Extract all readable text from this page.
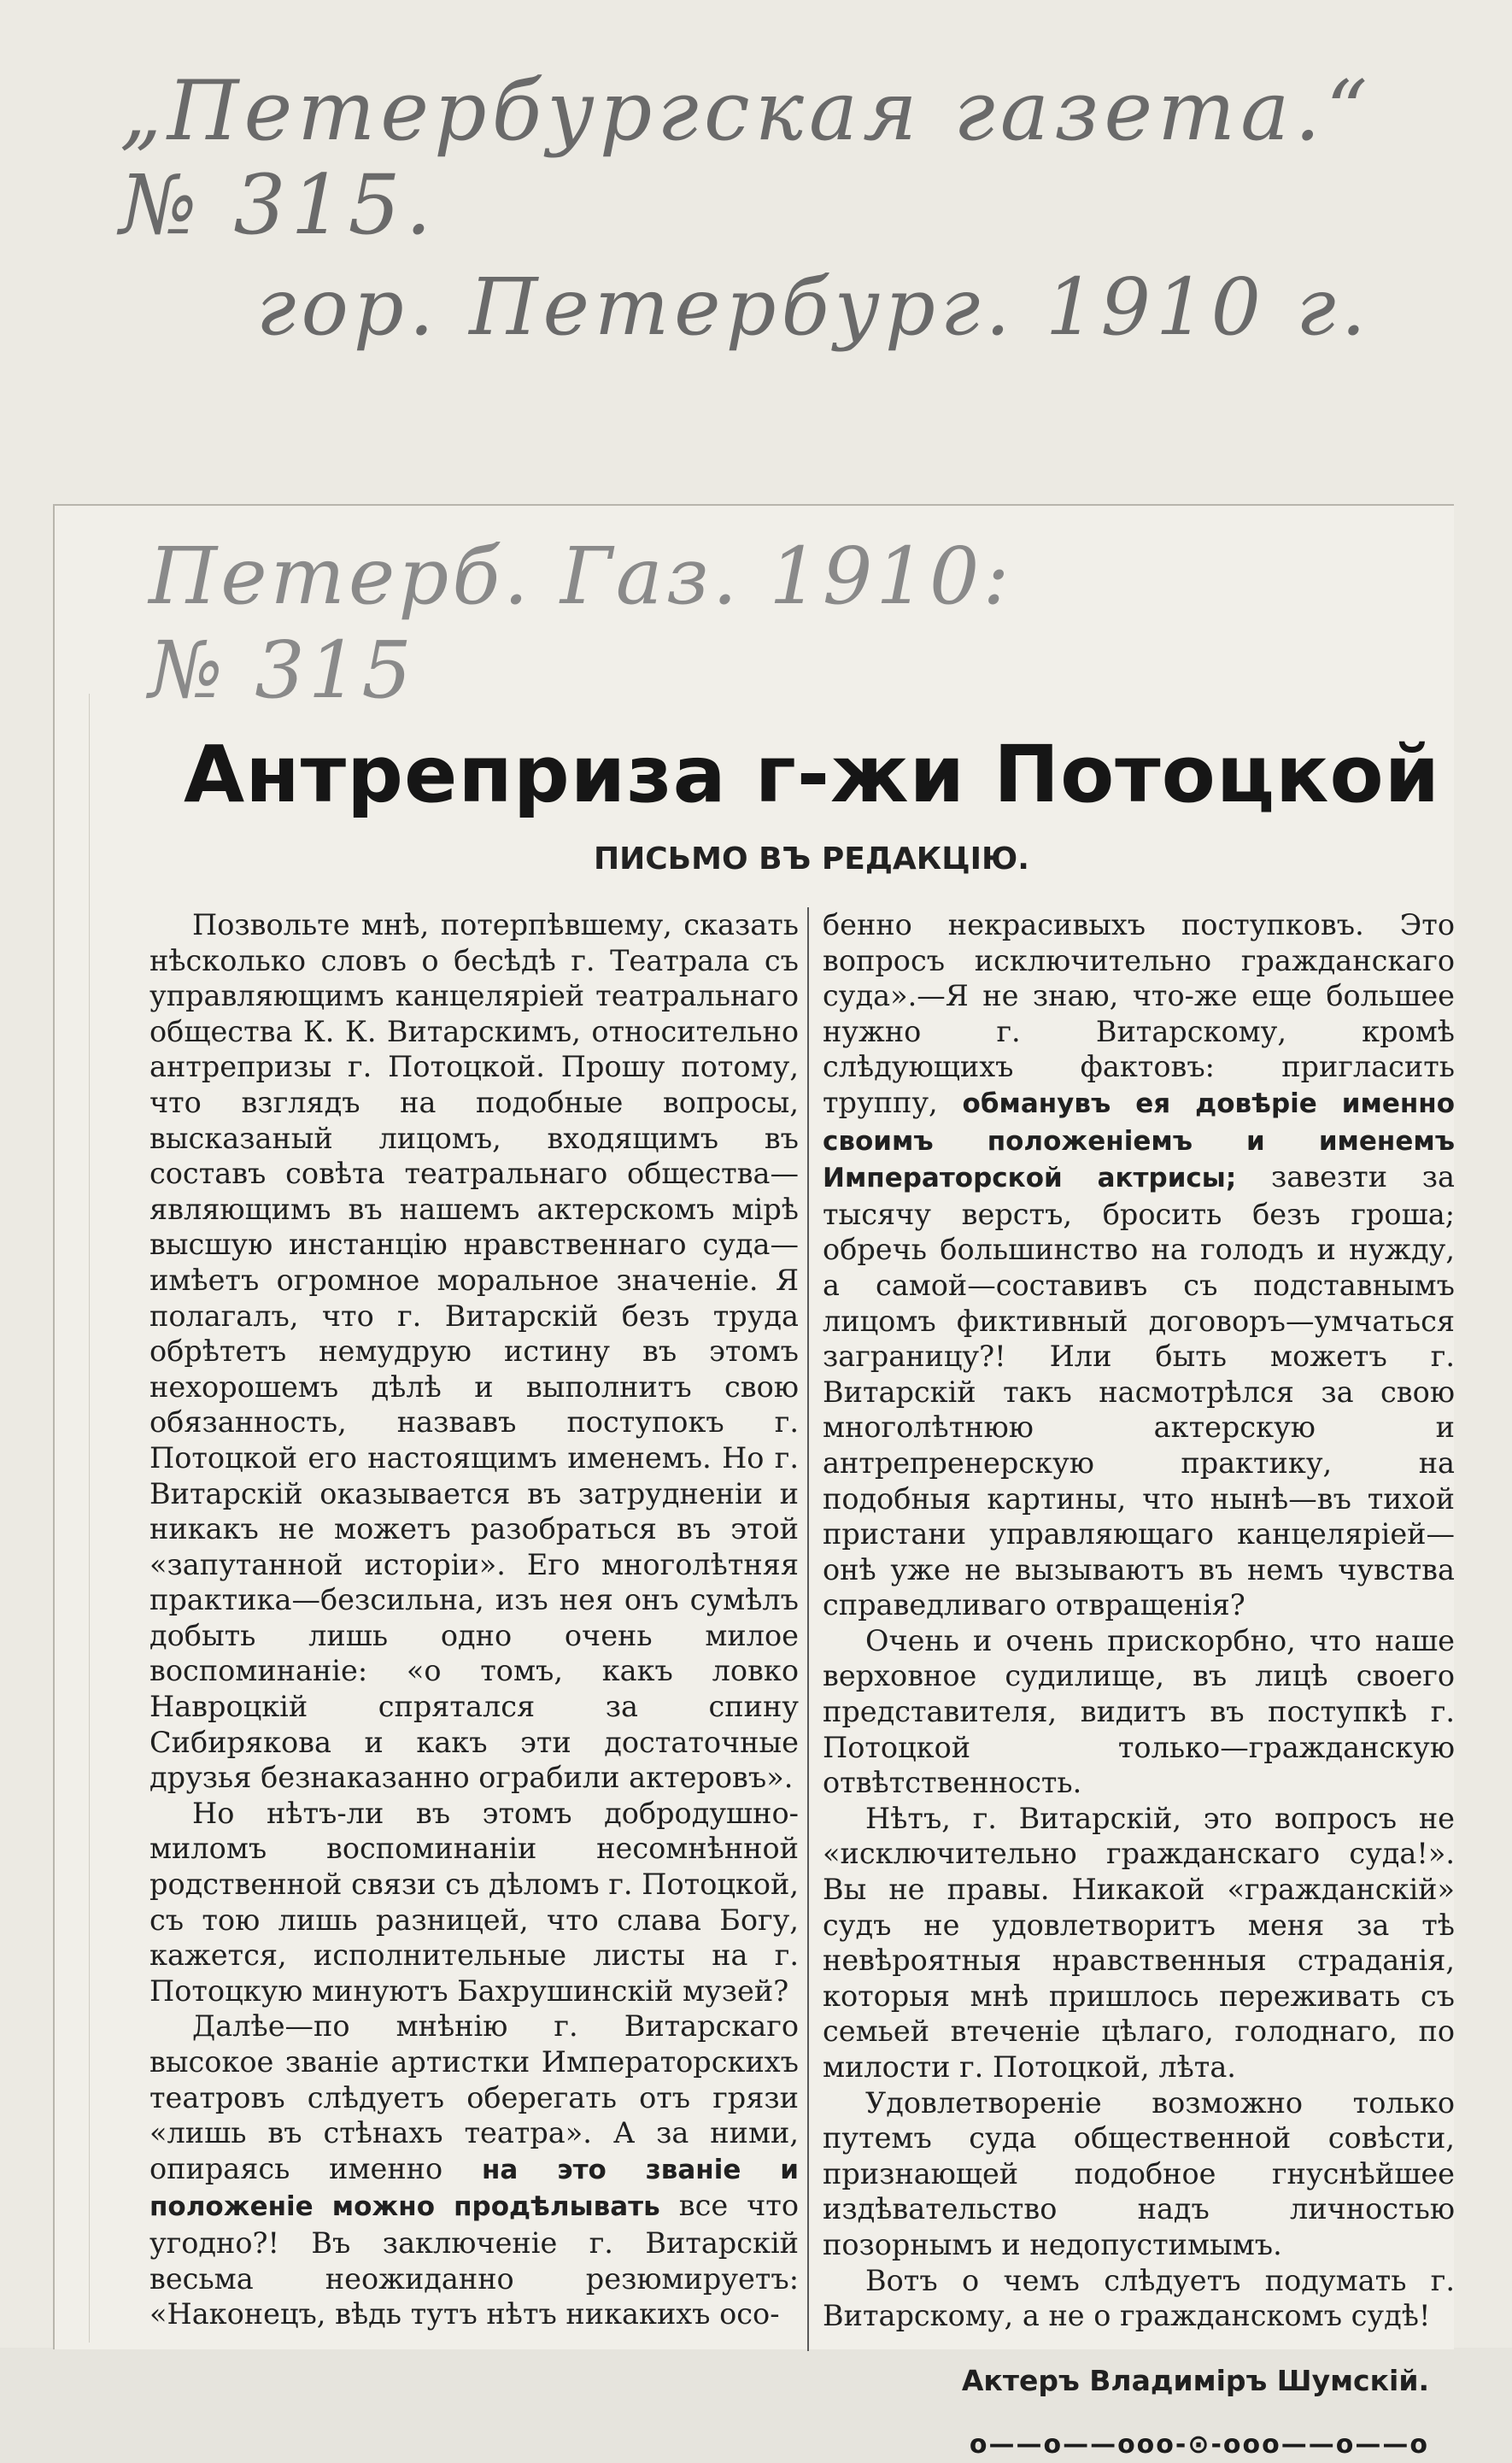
„Петербургская газета.“ № 315.
гор. Петербург. 1910 г.
Петерб. Газ. 1910: № 315
Антреприза г-жи Потоцкой
ПИСЬМО ВЪ РЕДАКЦІЮ.

Позвольте мнѣ, потерпѣвшему, сказать нѣсколько словъ о бесѣдѣ г. Театрала съ управляющимъ канцеляріей театральнаго общества К. К. Витарскимъ, относительно антрепризы г. Потоцкой. Прошу потому, что взглядъ на подобные вопросы, высказаный лицомъ, входящимъ въ составъ совѣта театральнаго общества—являющимъ въ нашемъ актерскомъ мірѣ высшую инстанцію нравственнаго суда—имѣетъ огромное моральное значеніе. Я полагалъ, что г. Витарскій безъ труда обрѣтетъ немудрую истину въ этомъ нехорошемъ дѣлѣ и выполнитъ свою обязанность, назвавъ поступокъ г. Потоцкой его настоящимъ именемъ. Но г. Витарскій оказывается въ затрудненіи и никакъ не можетъ разобраться въ этой «запутанной исторіи». Его многолѣтняя практика—безсильна, изъ нея онъ сумѣлъ добыть лишь одно очень милое воспоминаніе: «о томъ, какъ ловко Навроцкій спрятался за спину Сибирякова и какъ эти достаточные друзья безнаказанно ограбили актеровъ».

Но нѣтъ-ли въ этомъ добродушно-миломъ воспоминаніи несомнѣнной родственной связи съ дѣломъ г. Потоцкой, съ тою лишь разницей, что слава Богу, кажется, исполнительные листы на г. Потоцкую минуютъ Бахрушинскій музей?

Далѣе—по мнѣнію г. Витарскаго высокое званіе артистки Императорскихъ театровъ слѣдуетъ оберегать отъ грязи «лишь въ стѣнахъ театра». А за ними, опираясь именно на это званіе и положеніе можно продѣлывать все что угодно?! Въ заключеніе г. Витарскій весьма неожиданно резюмируетъ: «Наконецъ, вѣдь тутъ нѣтъ никакихъ осо-

бенно некрасивыхъ поступковъ. Это вопросъ исключительно гражданскаго суда».—Я не знаю, что-же еще большее нужно г. Витарскому, кромѣ слѣдующихъ фактовъ: пригласить труппу, обманувъ ея довѣріе именно своимъ положеніемъ и именемъ Императорской актрисы; завезти за тысячу верстъ, бросить безъ гроша; обречь большинство на голодъ и нужду, а самой—составивъ съ подставнымъ лицомъ фиктивный договоръ—умчаться заграницу?! Или быть можетъ г. Витарскій такъ насмотрѣлся за свою многолѣтнюю актерскую и антрепренерскую практику, на подобныя картины, что нынѣ—въ тихой пристани управляющаго канцеляріей—онѣ уже не вызываютъ въ немъ чувства справедливаго отвращенія?

Очень и очень прискорбно, что наше верховное судилище, въ лицѣ своего представителя, видитъ въ поступкѣ г. Потоцкой только—гражданскую отвѣтственность.

Нѣтъ, г. Витарскій, это вопросъ не «исключительно гражданскаго суда!». Вы не правы. Никакой «гражданскій» судъ не удовлетворитъ меня за тѣ невѣроятныя нравственныя страданія, которыя мнѣ пришлось переживать съ семьей втеченіе цѣлаго, голоднаго, по милости г. Потоцкой, лѣта.

Удовлетвореніе возможно только путемъ суда общественной совѣсти, признающей подобное гнуснѣйшее издѣвательство надъ личностью позорнымъ и недопустимымъ.

Вотъ о чемъ слѣдуетъ подумать г. Витарскому, а не о гражданскомъ судѣ!

Актеръ Владиміръ Шумскій.
о——о——ооо-⊙-ооо——о——о
